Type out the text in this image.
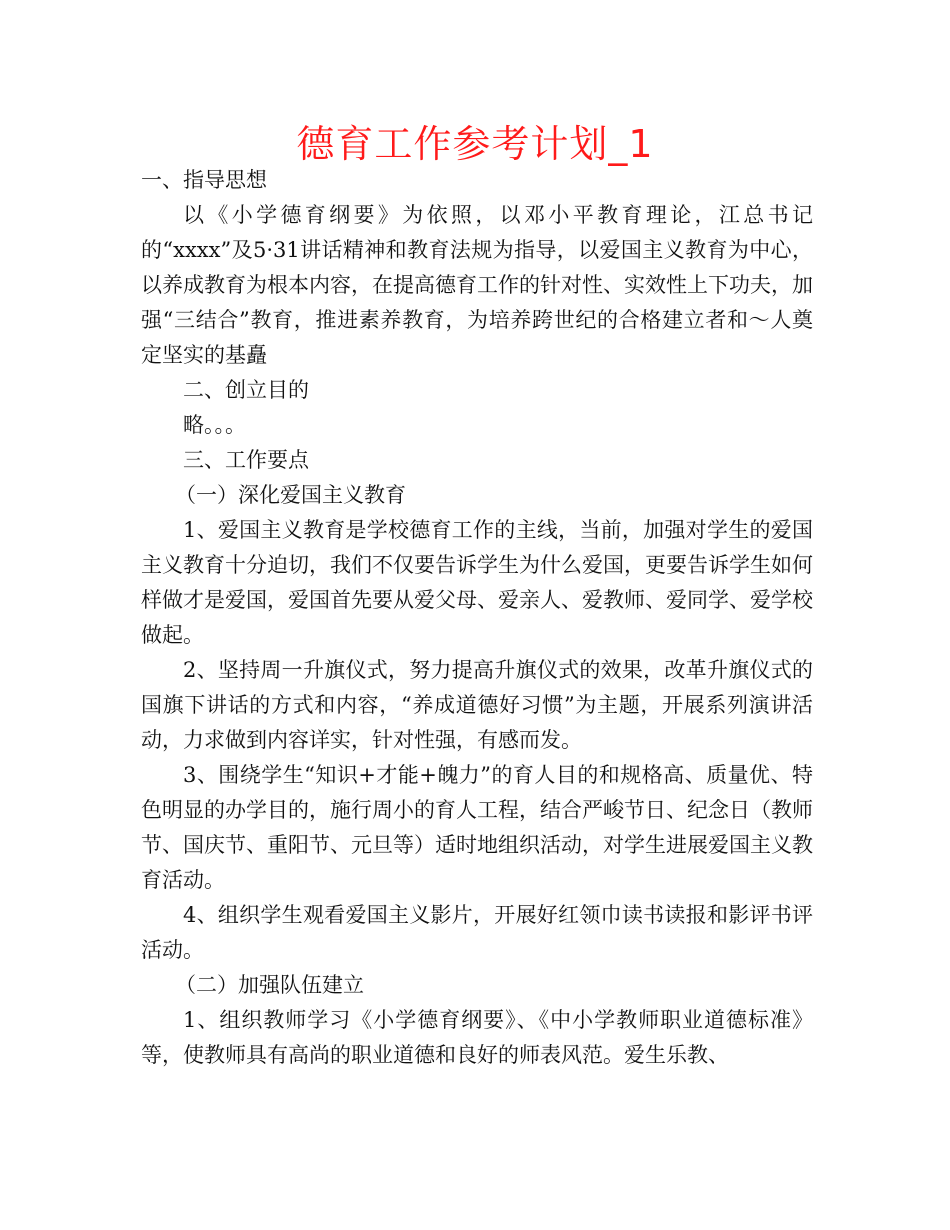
德育工作参考计划_1

一、指导思想

以《小学德育纲要》为依照，以邓小平教育理论，江总书记的“xxxx”及5·31讲话精神和教育法规为指导，以爱国主义教育为中心，以养成教育为根本内容，在提高德育工作的针对性、实效性上下功夫，加强“三结合”教育，推进素养教育，为培养跨世纪的合格建立者和～人奠定坚实的基矗

二、创立目的

略。。。

三、工作要点

（一）深化爱国主义教育

1、爱国主义教育是学校德育工作的主线，当前，加强对学生的爱国主义教育十分迫切，我们不仅要告诉学生为什么爱国，更要告诉学生如何样做才是爱国，爱国首先要从爱父母、爱亲人、爱教师、爱同学、爱学校做起。

2、坚持周一升旗仪式，努力提高升旗仪式的效果，改革升旗仪式的国旗下讲话的方式和内容，“养成道德好习惯”为主题，开展系列演讲活动，力求做到内容详实，针对性强，有感而发。

3、围绕学生“知识+才能+魄力”的育人目的和规格高、质量优、特色明显的办学目的，施行周小的育人工程，结合严峻节日、纪念日（教师节、国庆节、重阳节、元旦等）适时地组织活动，对学生进展爱国主义教育活动。

4、组织学生观看爱国主义影片，开展好红领巾读书读报和影评书评活动。

（二）加强队伍建立

1、组织教师学习《小学德育纲要》、《中小学教师职业道德标准》等，使教师具有高尚的职业道德和良好的师表风范。爱生乐教、
